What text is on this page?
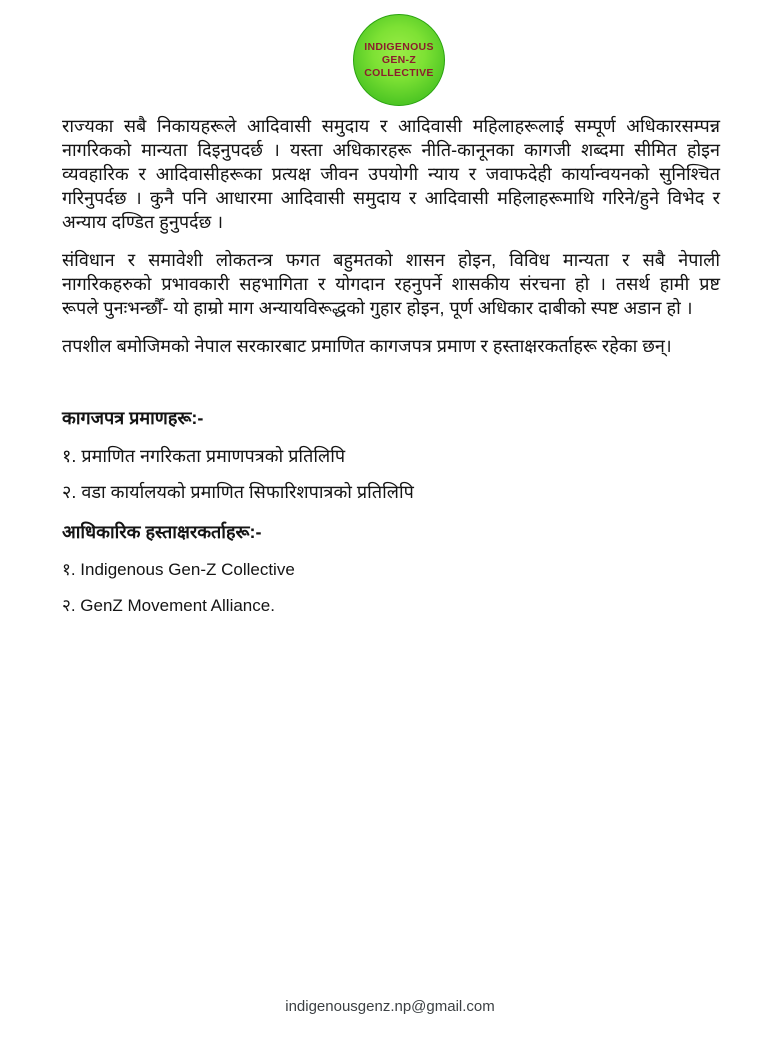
INDIGENOUS
GEN-Z
COLLECTIVE
राज्यका सबै निकायहरूले आदिवासी समुदाय र आदिवासी महिलाहरूलाई सम्पूर्ण अधिकारसम्पन्न
नागरिकको मान्यता दिइनुपदर्छ । यस्ता अधिकारहरू नीति-कानूनका कागजी शब्दमा सीमित होइन
व्यवहारिक र आदिवासीहरूका प्रत्यक्ष जीवन उपयोगी न्याय र जवाफदेही कार्यान्वयनको सुनिश्चित
गरिनुपर्दछ । कुनै पनि आधारमा आदिवासी समुदाय र आदिवासी महिलाहरूमाथि गरिने/हुने विभेद र
अन्याय दण्डित हुनुपर्दछ ।
संविधान र समावेशी लोकतन्त्र फगत बहुमतको शासन होइन, विविध मान्यता र सबै नेपाली
नागरिकहरुको प्रभावकारी सहभागिता र योगदान रहनुपर्ने शासकीय संरचना हो । तसर्थ हामी प्रष्ट
रूपले पुनःभन्छौँ- यो हाम्रो माग अन्यायविरूद्धको गुहार होइन, पूर्ण अधिकार दाबीको स्पष्ट अडान हो ।
तपशील बमोजिमको नेपाल सरकारबाट प्रमाणित कागजपत्र प्रमाण र हस्ताक्षरकर्ताहरू रहेका छन्।
कागजपत्र प्रमाणहरू:-
१. प्रमाणित नगरिकता प्रमाणपत्रको प्रतिलिपि
२. वडा कार्यालयको प्रमाणित सिफारिशपात्रको प्रतिलिपि
आधिकारिक हस्ताक्षरकर्ताहरू:-
१. Indigenous Gen-Z Collective
२. GenZ Movement Alliance.
indigenousgenz.np@gmail.com
